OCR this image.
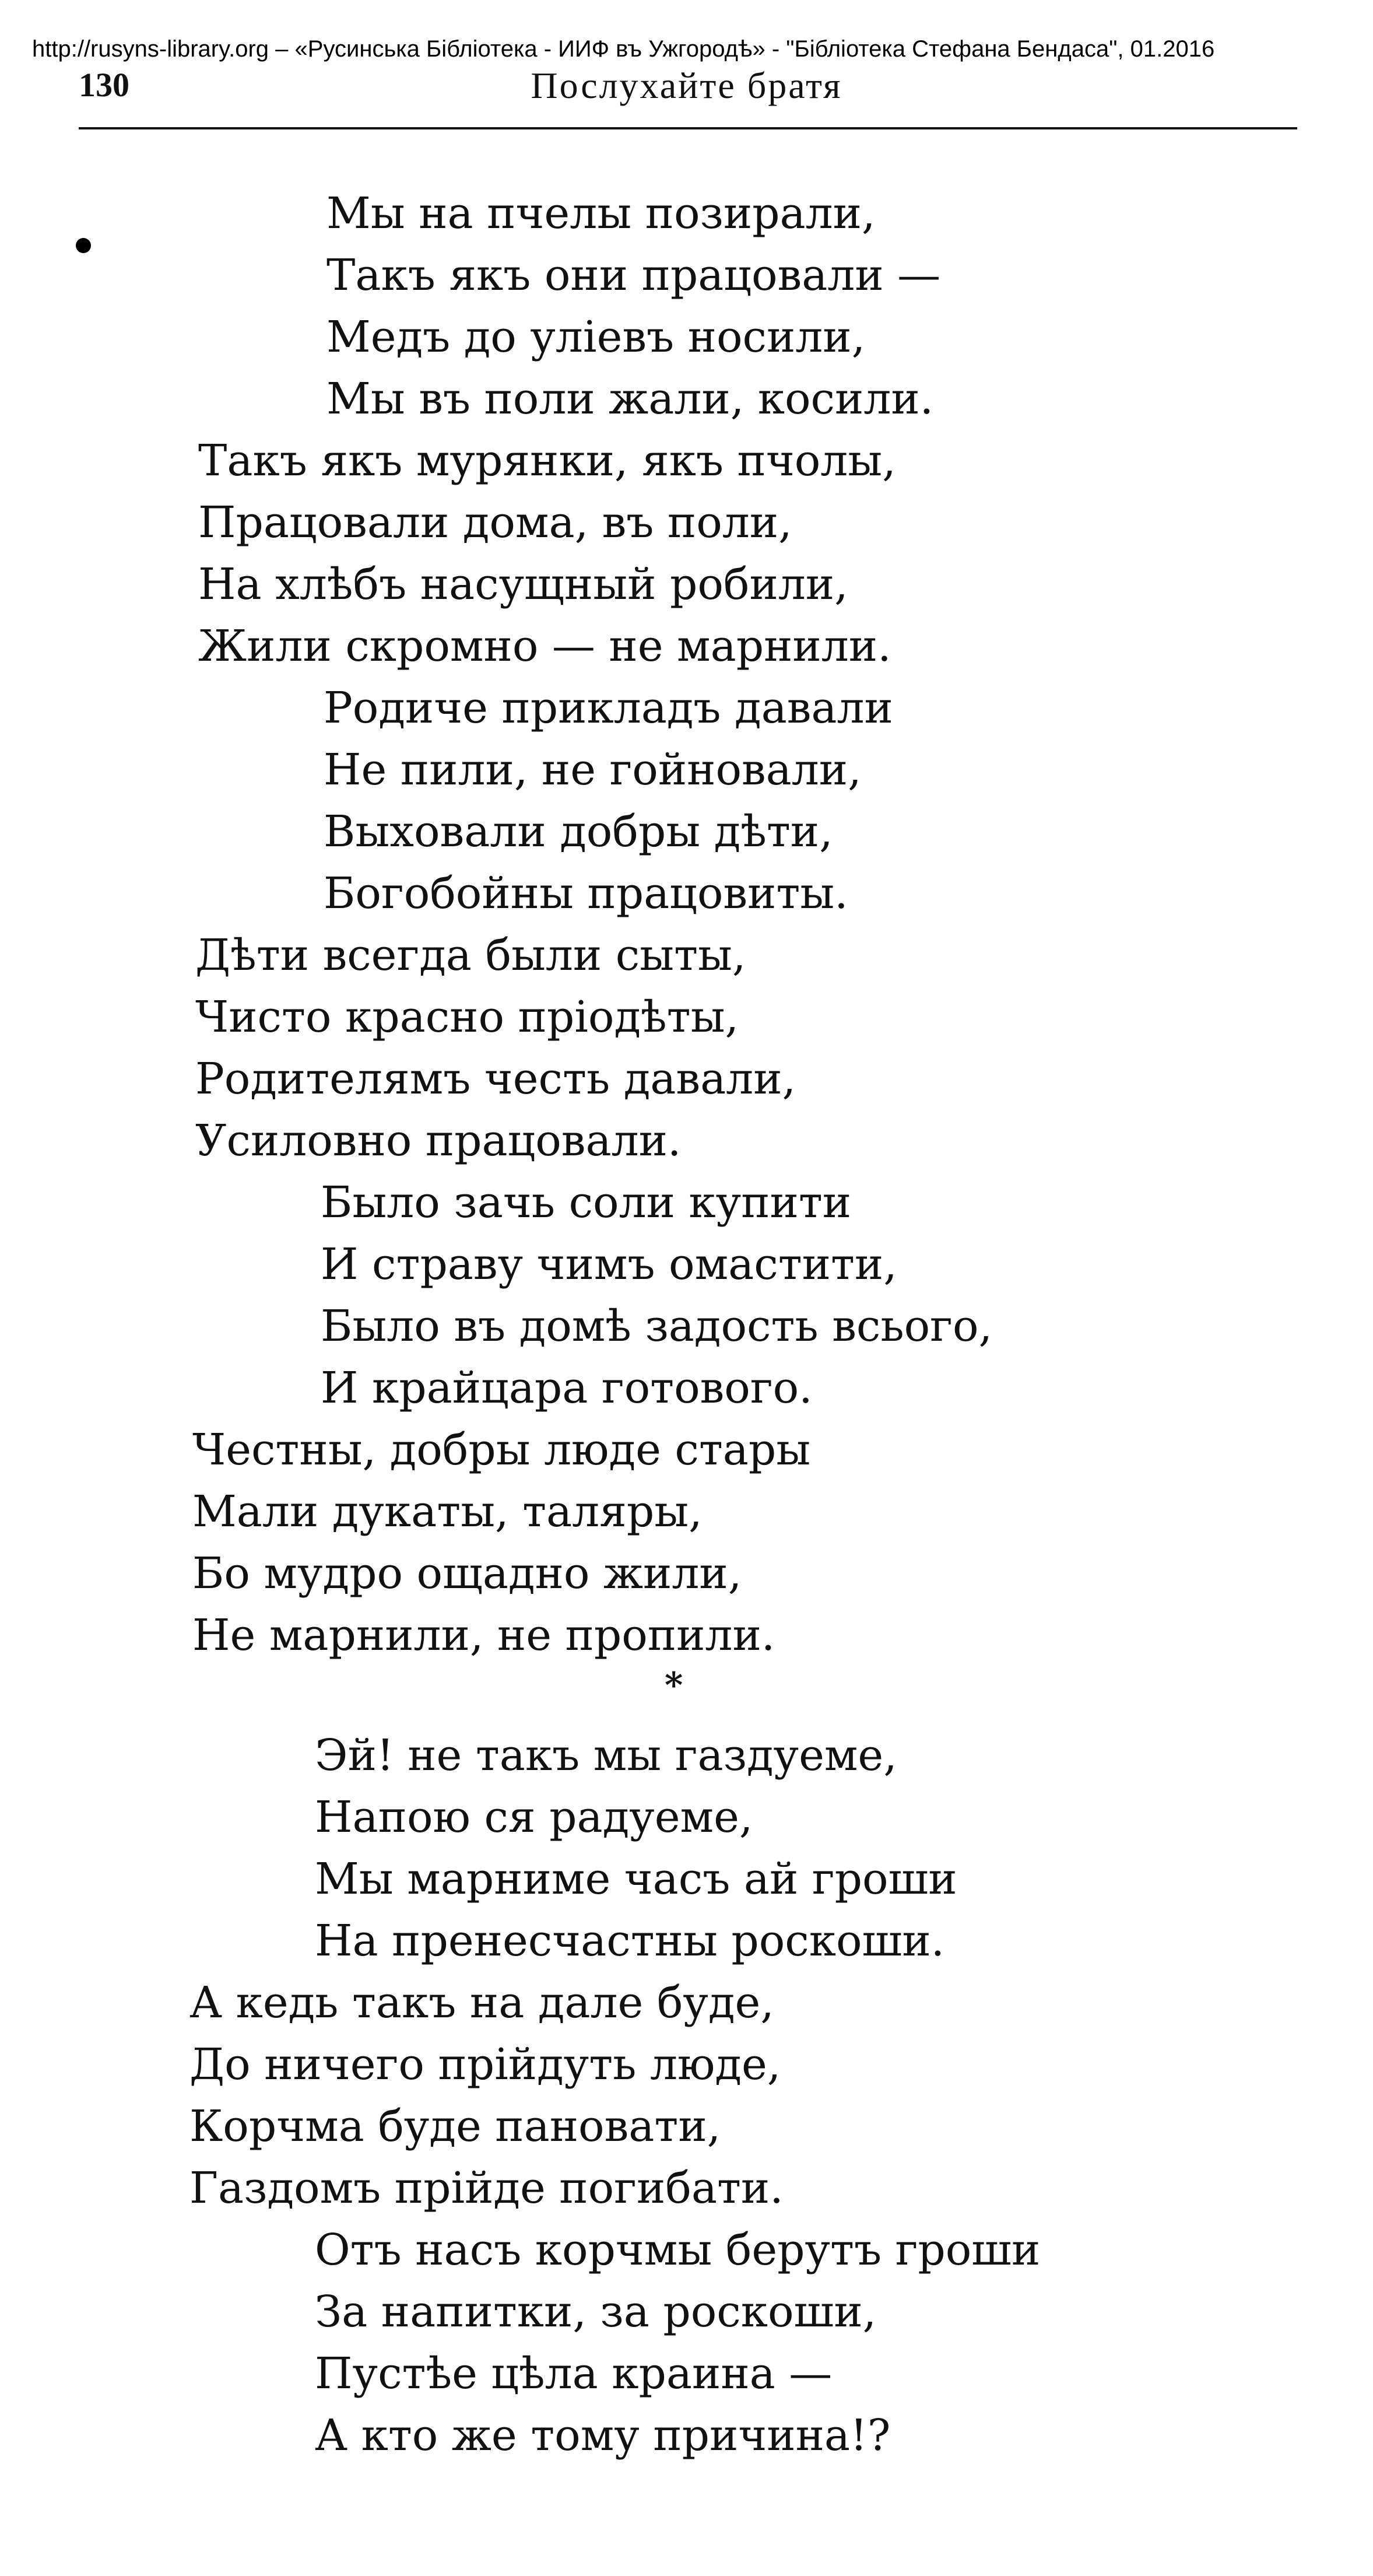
http://rusyns-library.org – «Русинська Бібліотека - ИИФ въ Ужгородѣ» - "Бібліотека Стефана Бендаса", 01.2016
130	Послухайте братя
Мы на пчелы позирали,
Такъ якъ они працовали —
Медъ до уліевъ носили,
Мы въ поли жали, косили.
Такъ якъ мурянки, якъ пчолы,
Працовали дома, въ поли,
На хлѣбъ насущный робили,
Жили скромно — не марнили.
Родиче прикладъ давали
Не пили, не гойновали,
Выховали добры дѣти,
Богобойны працовиты.
Дѣти всегда были сыты,
Чисто красно пріодѣты,
Родителямъ честь давали,
Усиловно працовали.
Было зачь соли купити
И страву чимъ омастити,
Было въ домѣ задость всього,
И крайцара готового.
Честны, добры люде стары
Мали дукаты, таляры,
Бо мудро ощадно жили,
Не марнили, не пропили.
Эй! не такъ мы газдуеме,
Напою ся радуеме,
Мы марниме часъ ай гроши
На пренесчастны роскоши.
А кедь такъ на дале буде,
До ничего прійдуть люде,
Корчма буде пановати,
Газдомъ прійде погибати.
Отъ насъ корчмы берутъ гроши
За напитки, за роскоши,
Пустѣе цѣла краина —
А кто же тому причина!?
*
